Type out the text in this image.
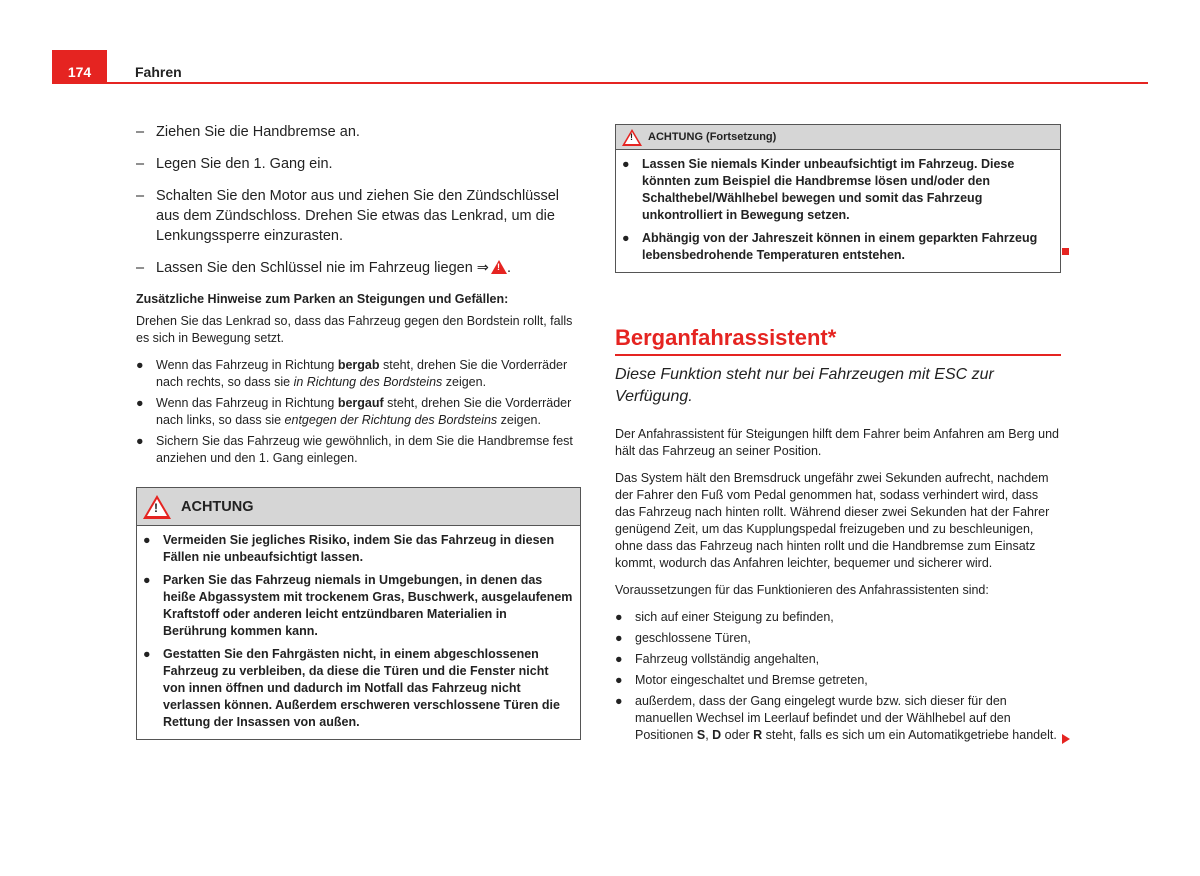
174	Fahren
– Ziehen Sie die Handbremse an.
– Legen Sie den 1. Gang ein.
– Schalten Sie den Motor aus und ziehen Sie den Zündschlüssel aus dem Zündschloss. Drehen Sie etwas das Lenkrad, um die Lenkungssperre einzurasten.
– Lassen Sie den Schlüssel nie im Fahrzeug liegen ⇒! .
Zusätzliche Hinweise zum Parken an Steigungen und Gefällen:
Drehen Sie das Lenkrad so, dass das Fahrzeug gegen den Bordstein rollt, falls es sich in Bewegung setzt.
● Wenn das Fahrzeug in Richtung bergab steht, drehen Sie die Vorderräder nach rechts, so dass sie in Richtung des Bordsteins zeigen.
● Wenn das Fahrzeug in Richtung bergauf steht, drehen Sie die Vorderräder nach links, so dass sie entgegen der Richtung des Bordsteins zeigen.
● Sichern Sie das Fahrzeug wie gewöhnlich, in dem Sie die Handbremse fest anziehen und den 1. Gang einlegen.
!
ACHTUNG
● Vermeiden Sie jegliches Risiko, indem Sie das Fahrzeug in diesen Fällen nie unbeaufsichtigt lassen.
● Parken Sie das Fahrzeug niemals in Umgebungen, in denen das heiße Abgassystem mit trockenem Gras, Buschwerk, ausgelaufenem Kraftstoff oder anderen leicht entzündbaren Materialien in Berührung kommen kann.
● Gestatten Sie den Fahrgästen nicht, in einem abgeschlossenen Fahrzeug zu verbleiben, da diese die Türen und die Fenster nicht von innen öffnen und dadurch im Notfall das Fahrzeug nicht verlassen können. Außerdem erschweren verschlossene Türen die Rettung der Insassen von außen.
!
ACHTUNG (Fortsetzung)
● Lassen Sie niemals Kinder unbeaufsichtigt im Fahrzeug. Diese könnten zum Beispiel die Handbremse lösen und/oder den Schalthebel/Wählhebel bewegen und somit das Fahrzeug unkontrolliert in Bewegung setzen.
● Abhängig von der Jahreszeit können in einem geparkten Fahrzeug lebensbedrohende Temperaturen entstehen.
Berganfahrassistent*
Diese Funktion steht nur bei Fahrzeugen mit ESC zur Verfügung.
Der Anfahrassistent für Steigungen hilft dem Fahrer beim Anfahren am Berg und hält das Fahrzeug an seiner Position.
Das System hält den Bremsdruck ungefähr zwei Sekunden aufrecht, nachdem der Fahrer den Fuß vom Pedal genommen hat, sodass verhindert wird, dass das Fahrzeug nach hinten rollt. Während dieser zwei Sekunden hat der Fahrer genügend Zeit, um das Kupplungspedal freizugeben und zu beschleunigen, ohne dass das Fahrzeug nach hinten rollt und die Handbremse zum Einsatz kommt, wodurch das Anfahren leichter, bequemer und sicherer wird.
Voraussetzungen für das Funktionieren des Anfahrassistenten sind:
● sich auf einer Steigung zu befinden,
● geschlossene Türen,
● Fahrzeug vollständig angehalten,
● Motor eingeschaltet und Bremse getreten,
● außerdem, dass der Gang eingelegt wurde bzw. sich dieser für den manuellen Wechsel im Leerlauf befindet und der Wählhebel auf den Positionen S, D oder R steht, falls es sich um ein Automatikgetriebe handelt.
